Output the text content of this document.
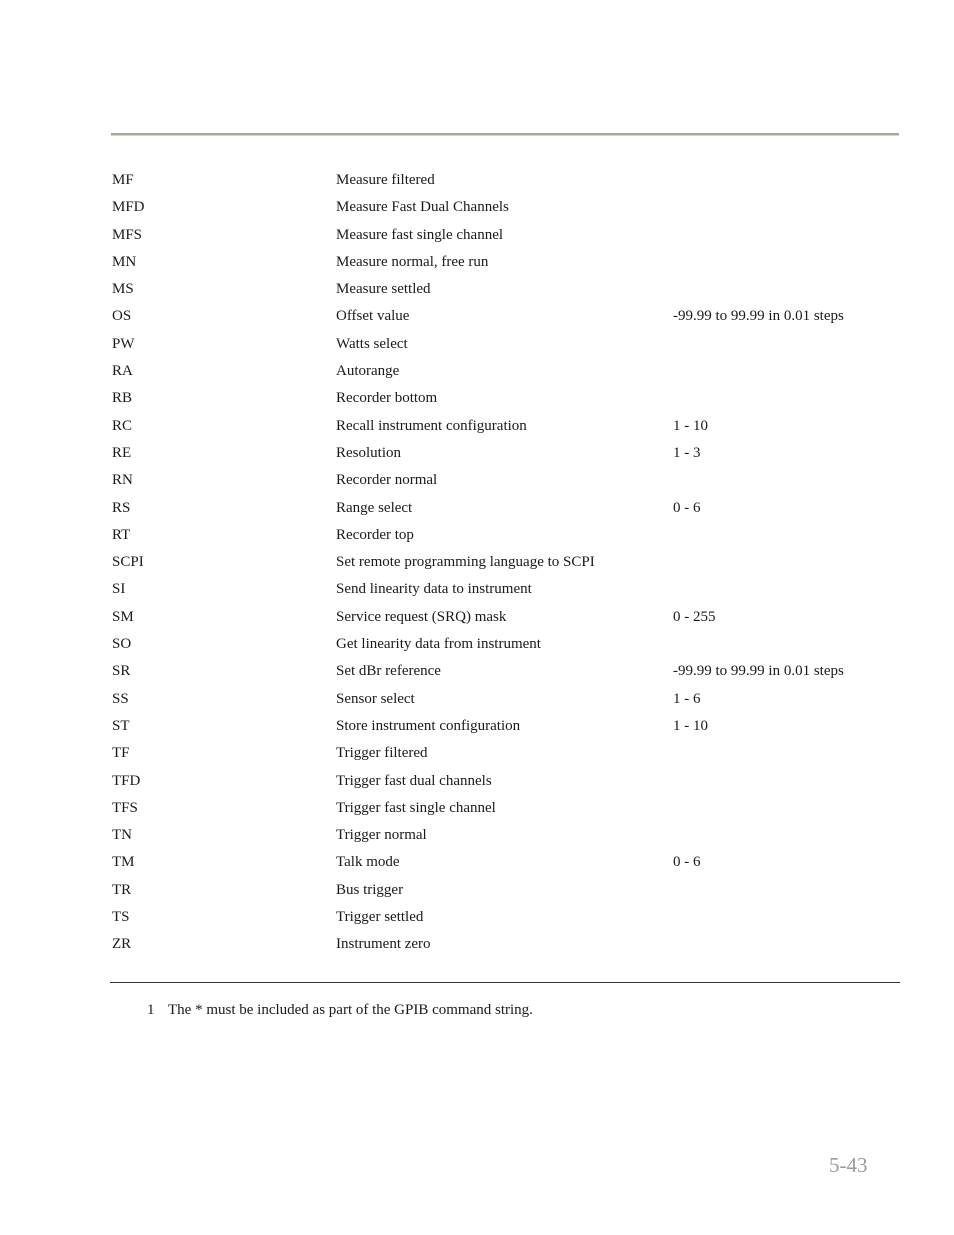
MF	Measure filtered
MFD	Measure Fast Dual Channels
MFS	Measure fast single channel
MN	Measure normal, free run
MS	Measure settled
OS	Offset value	-99.99 to 99.99 in 0.01 steps
PW	Watts select
RA	Autorange
RB	Recorder bottom
RC	Recall instrument configuration	1 - 10
RE	Resolution	1 - 3
RN	Recorder normal
RS	Range select	0 - 6
RT	Recorder top
SCPI	Set remote programming language to SCPI
SI	Send linearity data to instrument
SM	Service request (SRQ) mask	0 - 255
SO	Get linearity data from instrument
SR	Set dBr reference	-99.99 to 99.99 in 0.01 steps
SS	Sensor select	1 - 6
ST	Store instrument configuration	1 - 10
TF	Trigger filtered
TFD	Trigger fast dual channels
TFS	Trigger fast single channel
TN	Trigger normal
TM	Talk mode	0 - 6
TR	Bus trigger
TS	Trigger settled
ZR	Instrument zero
1 The * must be included as part of the GPIB command string.
5-43
